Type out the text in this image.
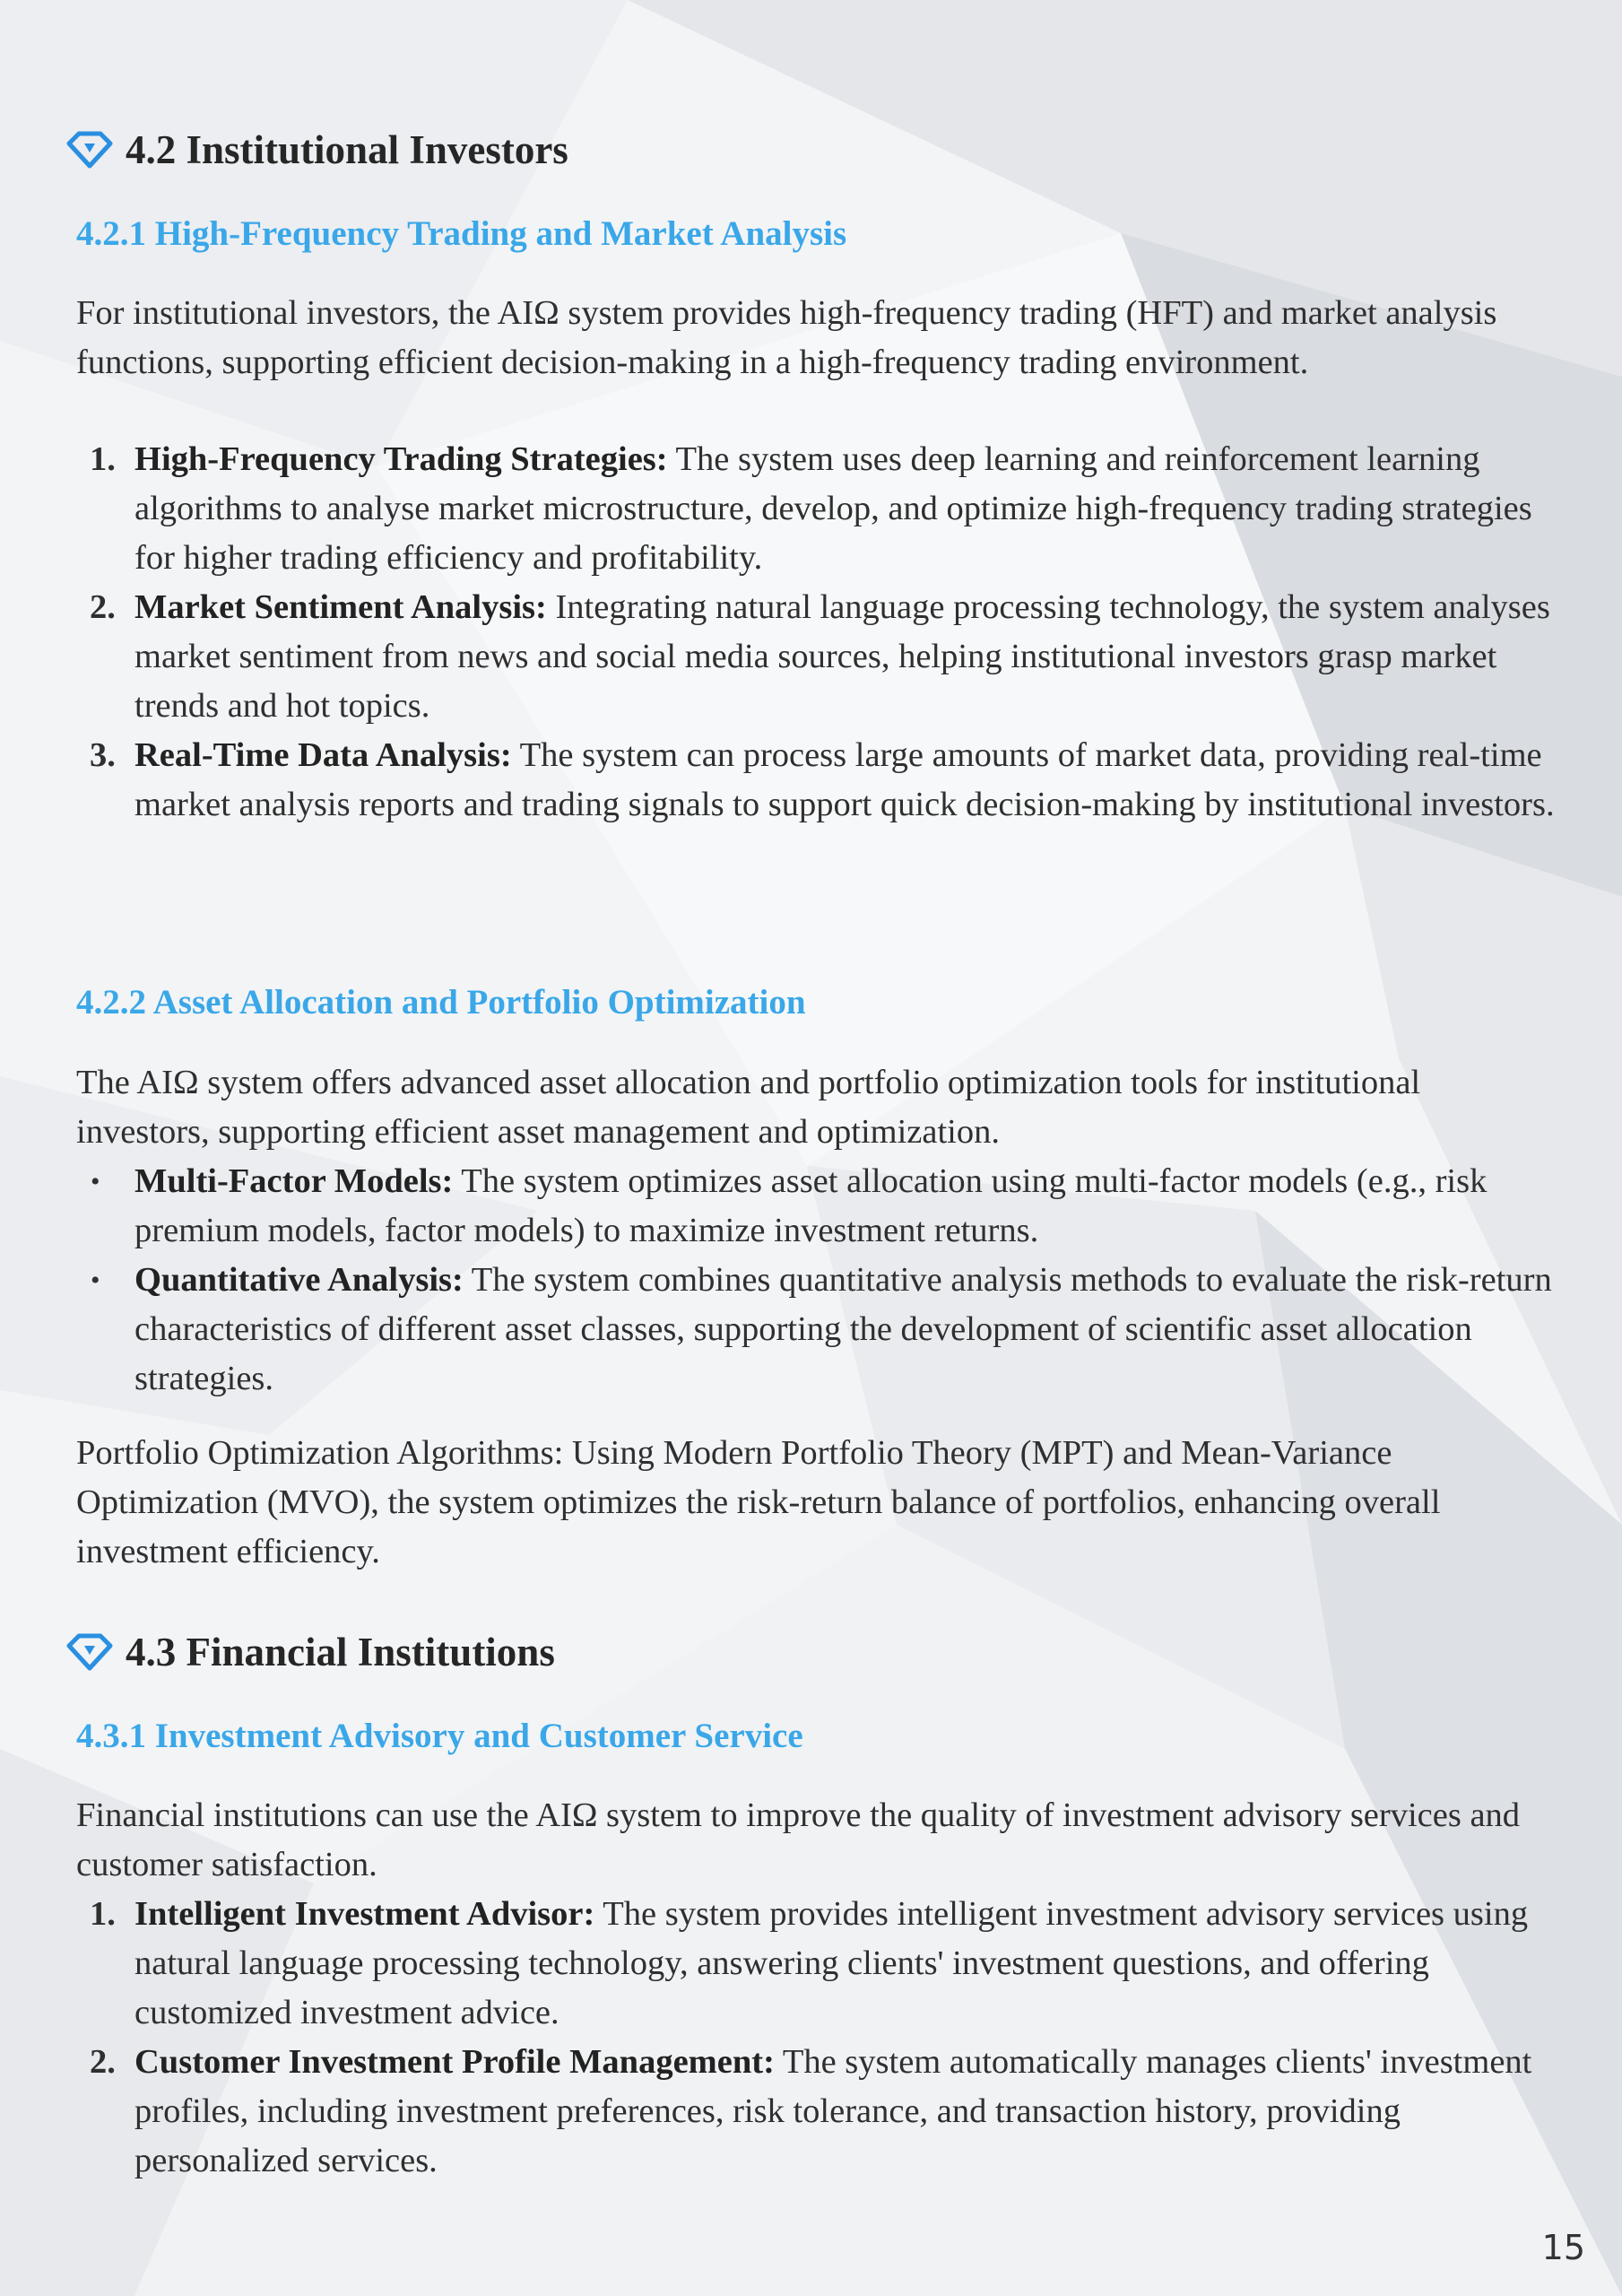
4.2 Institutional Investors
4.2.1 High-Frequency Trading and Market Analysis

For institutional investors, the AIΩ system provides high-frequency trading (HFT) and market analysis functions, supporting efficient decision-making in a high-frequency trading environment.

1. High-Frequency Trading Strategies: The system uses deep learning and reinforcement learning algorithms to analyse market microstructure, develop, and optimize high-frequency trading strategies for higher trading efficiency and profitability.
2. Market Sentiment Analysis: Integrating natural language processing technology, the system analyses market sentiment from news and social media sources, helping institutional investors grasp market trends and hot topics.
3. Real-Time Data Analysis: The system can process large amounts of market data, providing real-time market analysis reports and trading signals to support quick decision-making by institutional investors.
4.2.2 Asset Allocation and Portfolio Optimization

The AIΩ system offers advanced asset allocation and portfolio optimization tools for institutional investors, supporting efficient asset management and optimization.

• Multi-Factor Models: The system optimizes asset allocation using multi-factor models (e.g., risk premium models, factor models) to maximize investment returns.
• Quantitative Analysis: The system combines quantitative analysis methods to evaluate the risk-return characteristics of different asset classes, supporting the development of scientific asset allocation strategies.

Portfolio Optimization Algorithms: Using Modern Portfolio Theory (MPT) and Mean-Variance Optimization (MVO), the system optimizes the risk-return balance of portfolios, enhancing overall investment efficiency.

4.3 Financial Institutions
4.3.1 Investment Advisory and Customer Service

Financial institutions can use the AIΩ system to improve the quality of investment advisory services and customer satisfaction.

1. Intelligent Investment Advisor: The system provides intelligent investment advisory services using natural language processing technology, answering clients' investment questions, and offering customized investment advice.
2. Customer Investment Profile Management: The system automatically manages clients' investment profiles, including investment preferences, risk tolerance, and transaction history, providing personalized services.
15
